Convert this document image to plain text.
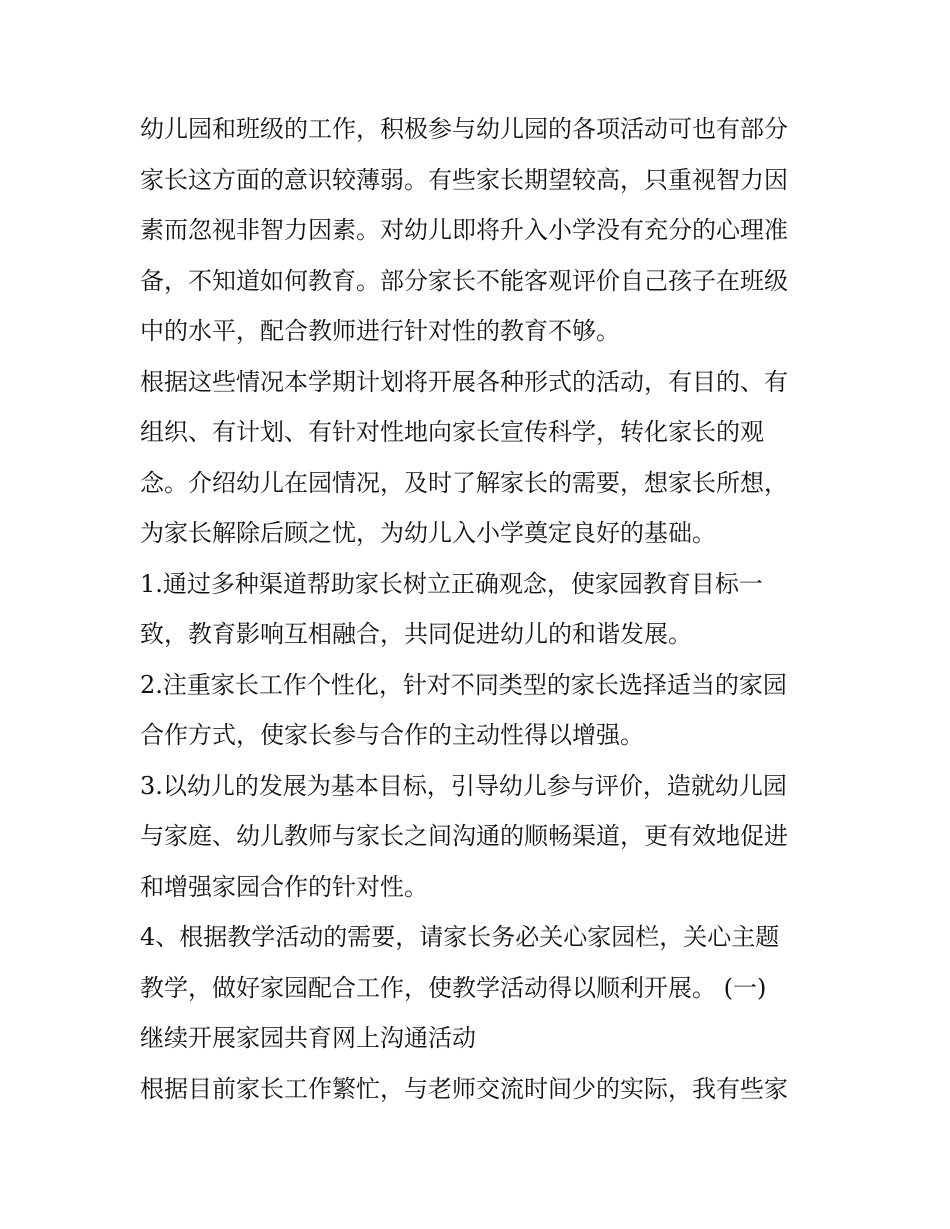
幼儿园和班级的工作，积极参与幼儿园的各项活动可也有部分
家长这方面的意识较薄弱。有些家长期望较高，只重视智力因
素而忽视非智力因素。对幼儿即将升入小学没有充分的心理准
备，不知道如何教育。部分家长不能客观评价自己孩子在班级
中的水平，配合教师进行针对性的教育不够。

根据这些情况本学期计划将开展各种形式的活动，有目的、有
组织、有计划、有针对性地向家长宣传科学，转化家长的观
念。介绍幼儿在园情况，及时了解家长的需要，想家长所想，
为家长解除后顾之忧，为幼儿入小学奠定良好的基础。

1.通过多种渠道帮助家长树立正确观念，使家园教育目标一
致，教育影响互相融合，共同促进幼儿的和谐发展。

2.注重家长工作个性化，针对不同类型的家长选择适当的家园
合作方式，使家长参与合作的主动性得以增强。

3.以幼儿的发展为基本目标，引导幼儿参与评价，造就幼儿园
与家庭、幼儿教师与家长之间沟通的顺畅渠道，更有效地促进
和增强家园合作的针对性。

4、根据教学活动的需要，请家长务必关心家园栏，关心主题
教学，做好家园配合工作，使教学活动得以顺利开展。 (一)
继续开展家园共育网上沟通活动

根据目前家长工作繁忙，与老师交流时间少的实际，我有些家
